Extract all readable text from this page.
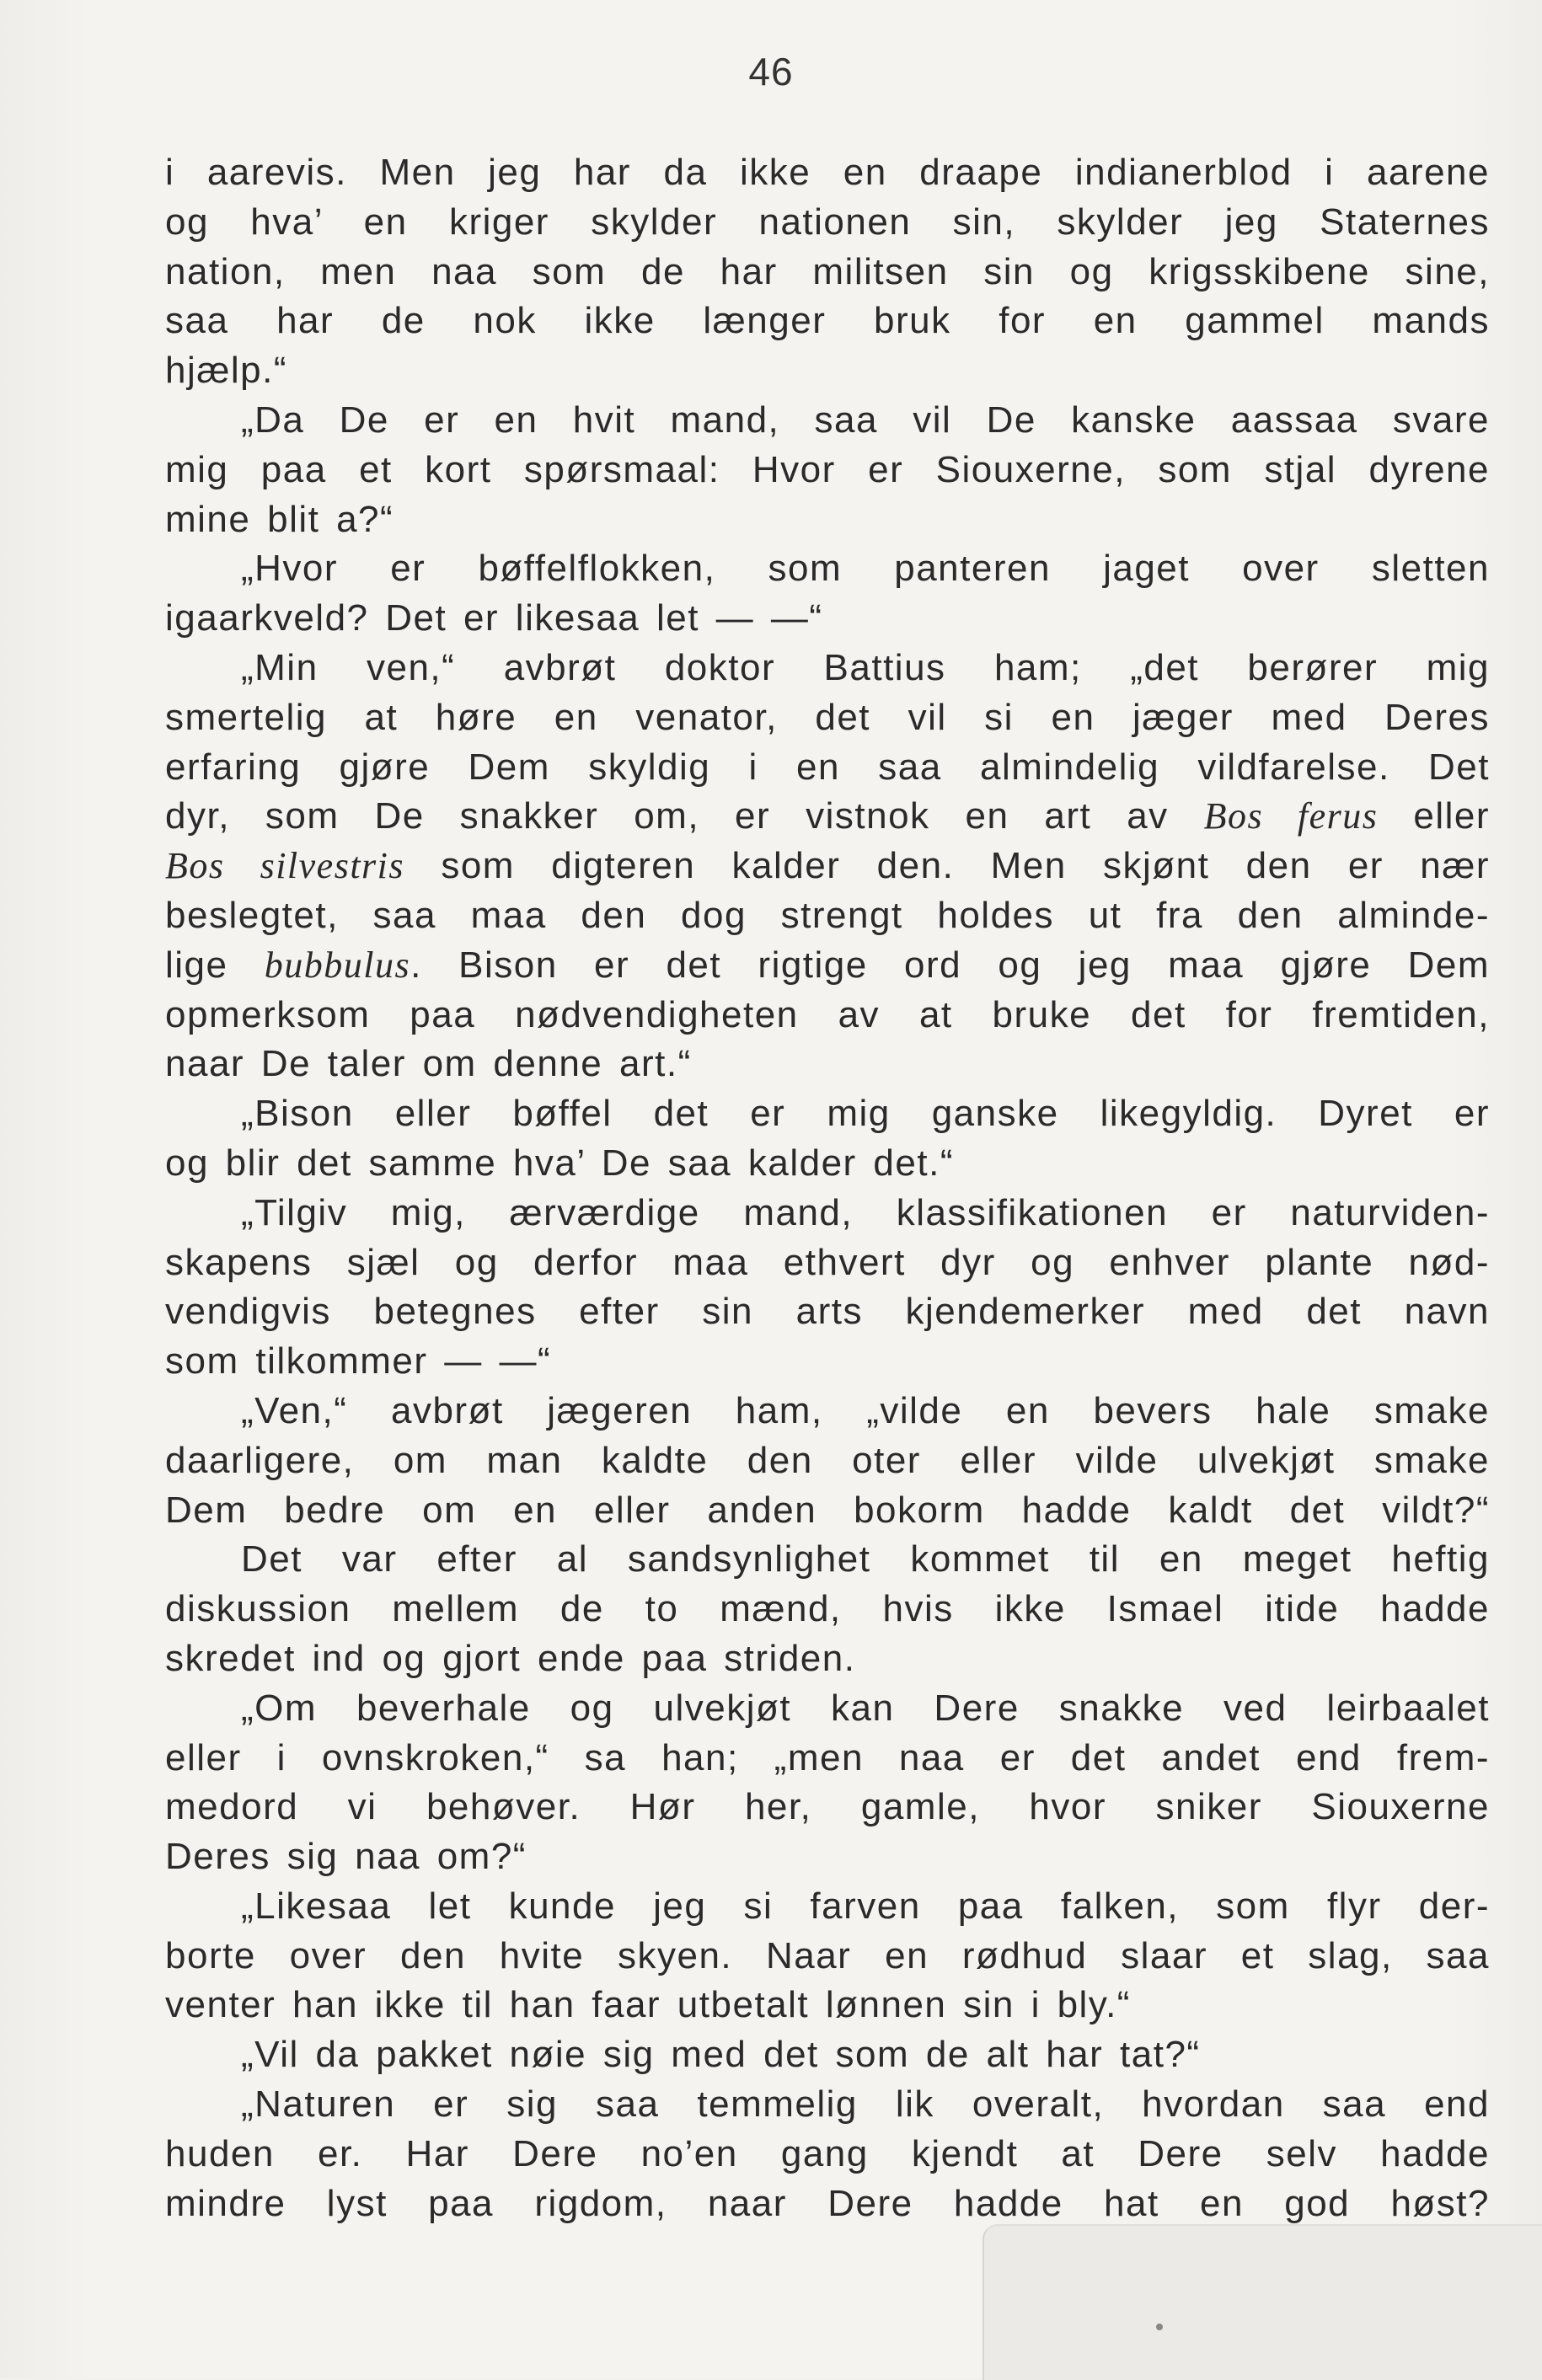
46
i aarevis. Men jeg har da ikke en draape indianerblod i aarene
og hva’ en kriger skylder nationen sin, skylder jeg Staternes
nation, men naa som de har militsen sin og krigsskibene sine,
saa har de nok ikke længer bruk for en gammel mands
hjælp.“
„Da De er en hvit mand, saa vil De kanske aassaa svare
mig paa et kort spørsmaal: Hvor er Siouxerne, som stjal dyrene
mine blit a?“
„Hvor er bøffelflokken, som panteren jaget over sletten
igaarkveld? Det er likesaa let — —“
„Min ven,“ avbrøt doktor Battius ham; „det berører mig
smertelig at høre en venator, det vil si en jæger med Deres
erfaring gjøre Dem skyldig i en saa almindelig vildfarelse. Det
dyr, som De snakker om, er vistnok en art av Bos ferus eller
Bos silvestris som digteren kalder den. Men skjønt den er nær
beslegtet, saa maa den dog strengt holdes ut fra den alminde-
lige bubbulus. Bison er det rigtige ord og jeg maa gjøre Dem
opmerksom paa nødvendigheten av at bruke det for fremtiden,
naar De taler om denne art.“
„Bison eller bøffel det er mig ganske likegyldig. Dyret er
og blir det samme hva’ De saa kalder det.“
„Tilgiv mig, ærværdige mand, klassifikationen er naturviden-
skapens sjæl og derfor maa ethvert dyr og enhver plante nød-
vendigvis betegnes efter sin arts kjendemerker med det navn
som tilkommer — —“
„Ven,“ avbrøt jægeren ham, „vilde en bevers hale smake
daarligere, om man kaldte den oter eller vilde ulvekjøt smake
Dem bedre om en eller anden bokorm hadde kaldt det vildt?“
Det var efter al sandsynlighet kommet til en meget heftig
diskussion mellem de to mænd, hvis ikke Ismael itide hadde
skredet ind og gjort ende paa striden.
„Om beverhale og ulvekjøt kan Dere snakke ved leirbaalet
eller i ovnskroken,“ sa han; „men naa er det andet end frem-
medord vi behøver. Hør her, gamle, hvor sniker Siouxerne
Deres sig naa om?“
„Likesaa let kunde jeg si farven paa falken, som flyr der-
borte over den hvite skyen. Naar en rødhud slaar et slag, saa
venter han ikke til han faar utbetalt lønnen sin i bly.“
„Vil da pakket nøie sig med det som de alt har tat?“
„Naturen er sig saa temmelig lik overalt, hvordan saa end
huden er. Har Dere no’en gang kjendt at Dere selv hadde
mindre lyst paa rigdom, naar Dere hadde hat en god høst?
